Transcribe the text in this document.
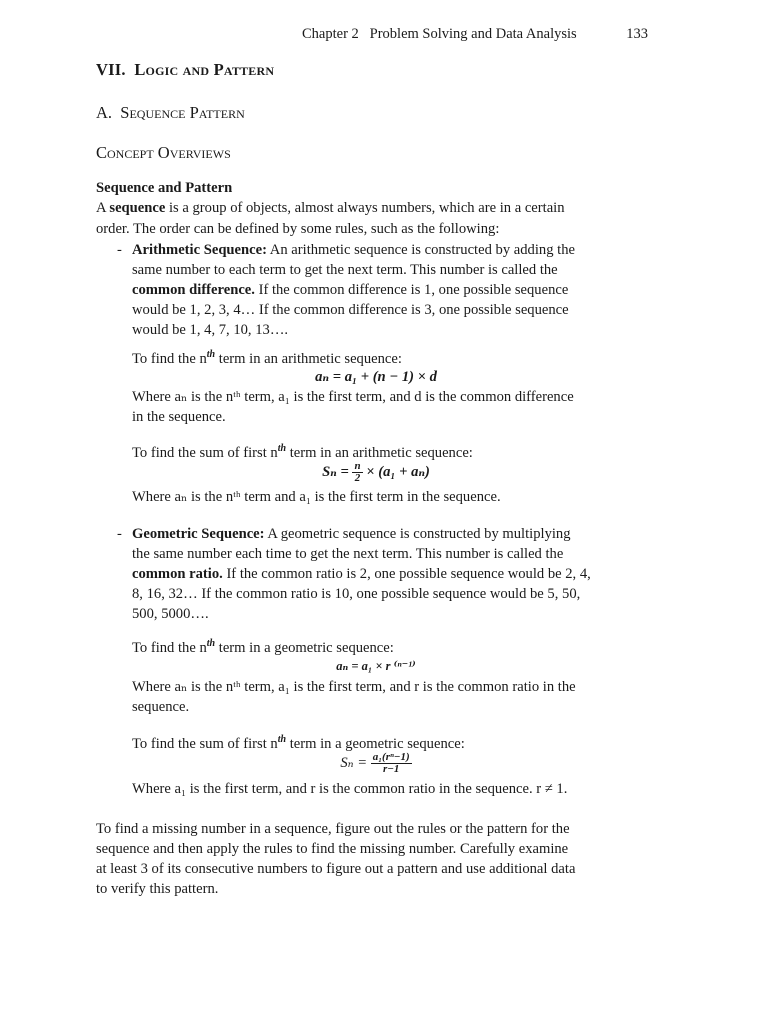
Chapter 2   Problem Solving and Data Analysis	133
VII.  Logic and Pattern
A.  Sequence Pattern
Concept Overviews
Sequence and Pattern
A sequence is a group of objects, almost always numbers, which are in a certain
order. The order can be defined by some rules, such as the following:
- Arithmetic Sequence: An arithmetic sequence is constructed by adding the
same number to each term to get the next term. This number is called the
common difference. If the common difference is 1, one possible sequence
would be 1, 2, 3, 4… If the common difference is 3, one possible sequence
would be 1, 4, 7, 10, 13….
To find the $n^{th}$ term in an arithmetic sequence:
aₙ = a₁ + (n − 1) × d
Where aₙ is the nᵗʰ term, a₁ is the first term, and d is the common difference
in the sequence.
To find the sum of first $n^{th}$ term in an arithmetic sequence:
$S_n = \frac{n}{2} \times (a_1 + a_n)$
Where aₙ is the nᵗʰ term and a₁ is the first term in the sequence.
- Geometric Sequence: A geometric sequence is constructed by multiplying
the same number each time to get the next term. This number is called the
common ratio. If the common ratio is 2, one possible sequence would be 2, 4,
8, 16, 32… If the common ratio is 10, one possible sequence would be 5, 50,
500, 5000….
To find the $n^{th}$ term in a geometric sequence:
aₙ = a₁ × r ⁽ⁿ⁻¹⁾
Where aₙ is the nᵗʰ term, a₁ is the first term, and r is the common ratio in the
sequence.
To find the sum of first $n^{th}$ term in a geometric sequence:
$S_n = \frac{\text{a₁(rⁿ−1)}}{r-1}$
Where a₁ is the first term, and r is the common ratio in the sequence. r ≠ 1.
To find a missing number in a sequence, figure out the rules or the pattern for the
sequence and then apply the rules to find the missing number. Carefully examine
at least 3 of its consecutive numbers to figure out a pattern and use additional data
to verify this pattern.
